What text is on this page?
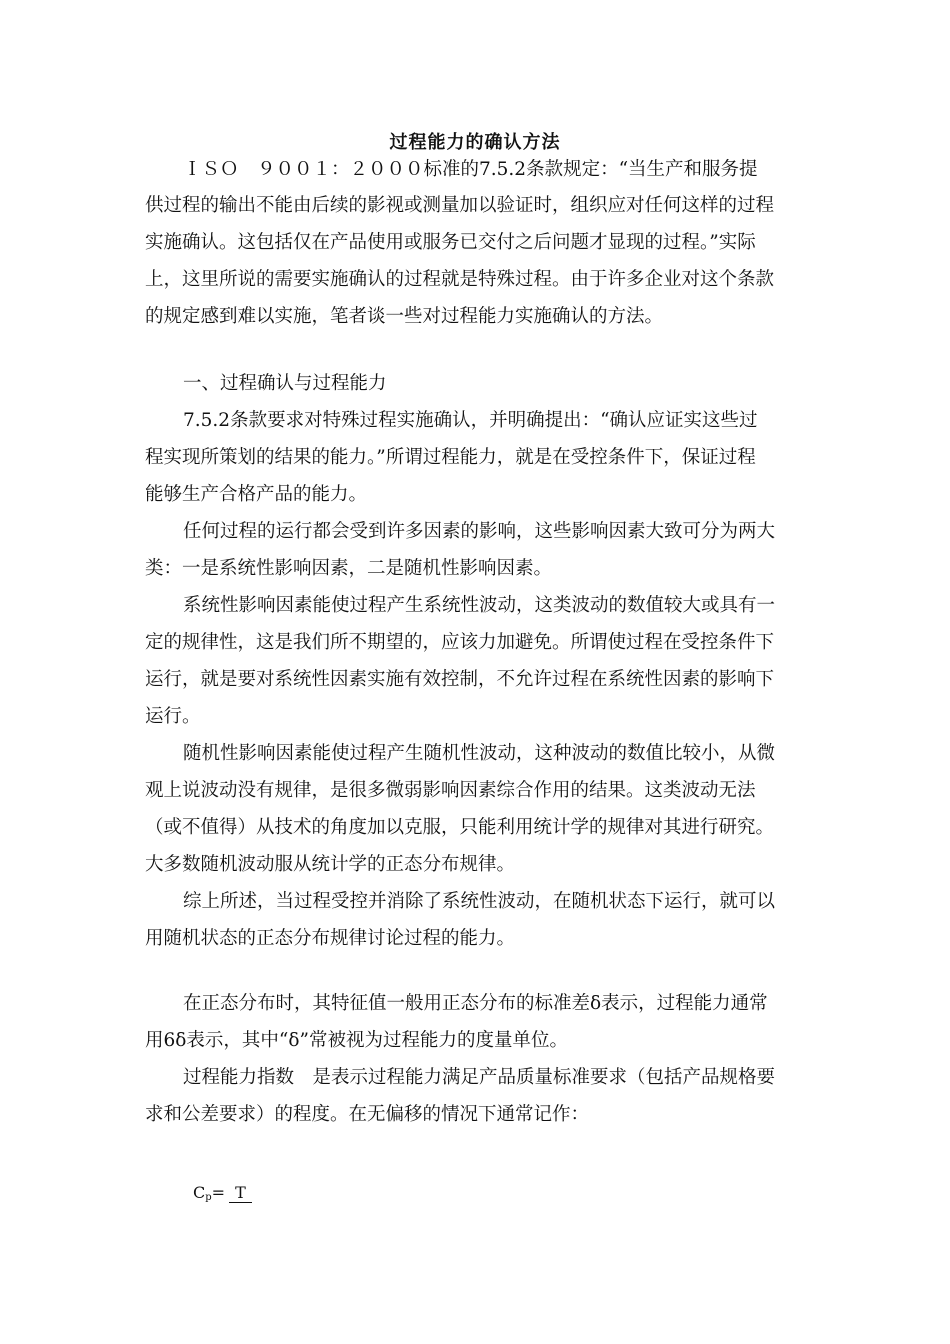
过程能力的确认方法
ＩＳＯ　９００１：２０００标准的7.5.2条款规定：“当生产和服务提
供过程的输出不能由后续的影视或测量加以验证时，组织应对任何这样的过程
实施确认。这包括仅在产品使用或服务已交付之后问题才显现的过程。”实际
上，这里所说的需要实施确认的过程就是特殊过程。由于许多企业对这个条款
的规定感到难以实施，笔者谈一些对过程能力实施确认的方法。
一、过程确认与过程能力
7.5.2条款要求对特殊过程实施确认，并明确提出：“确认应证实这些过
程实现所策划的结果的能力。”所谓过程能力，就是在受控条件下，保证过程
能够生产合格产品的能力。
任何过程的运行都会受到许多因素的影响，这些影响因素大致可分为两大
类：一是系统性影响因素，二是随机性影响因素。
系统性影响因素能使过程产生系统性波动，这类波动的数值较大或具有一
定的规律性，这是我们所不期望的，应该力加避免。所谓使过程在受控条件下
运行，就是要对系统性因素实施有效控制，不允许过程在系统性因素的影响下
运行。
随机性影响因素能使过程产生随机性波动，这种波动的数值比较小，从微
观上说波动没有规律，是很多微弱影响因素综合作用的结果。这类波动无法
（或不值得）从技术的角度加以克服，只能利用统计学的规律对其进行研究。
大多数随机波动服从统计学的正态分布规律。
综上所述，当过程受控并消除了系统性波动，在随机状态下运行，就可以
用随机状态的正态分布规律讨论过程的能力。
在正态分布时，其特征值一般用正态分布的标准差δ表示，过程能力通常
用6δ表示，其中“δ”常被视为过程能力的度量单位。
过程能力指数　是表示过程能力满足产品质量标准要求（包括产品规格要
求和公差要求）的程度。在无偏移的情况下通常记作：
$C_p= T$
